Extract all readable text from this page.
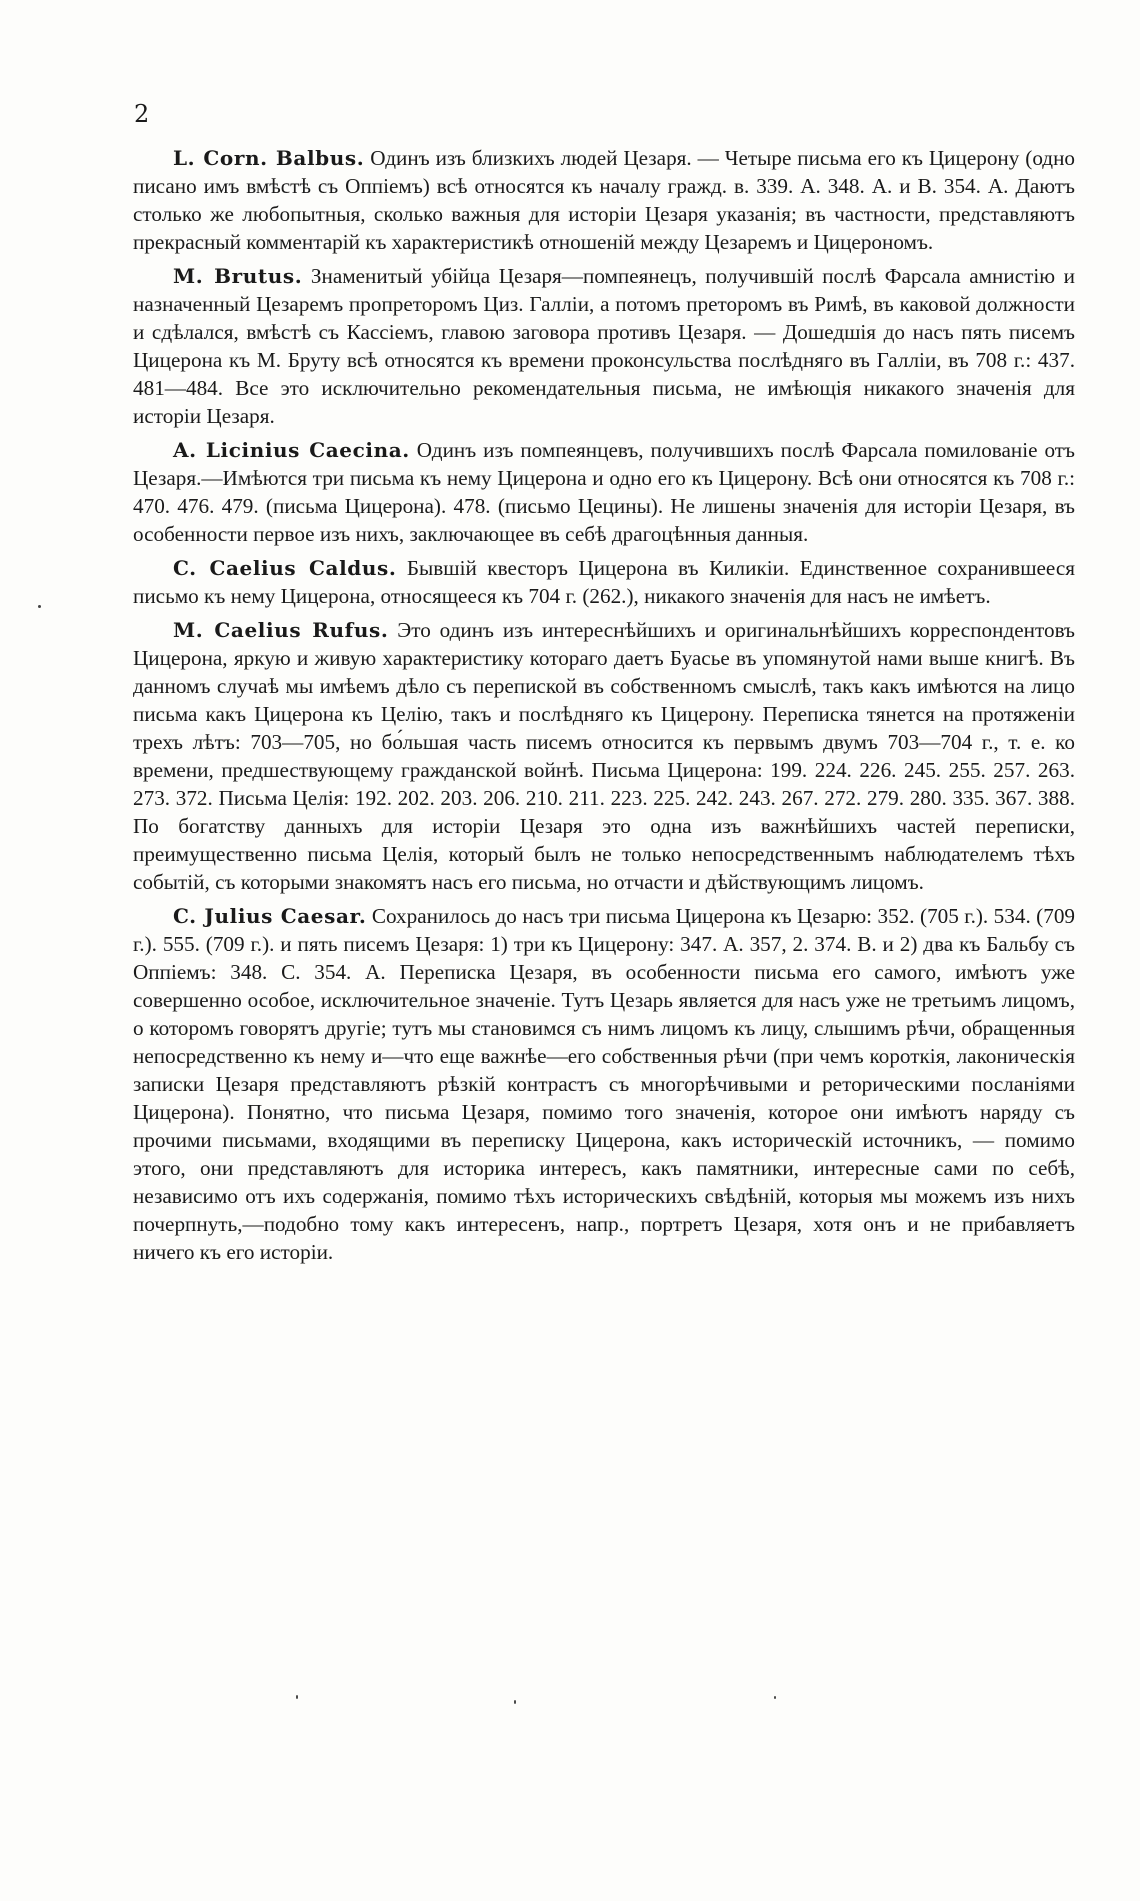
2

L. Corn. Balbus. Одинъ изъ близкихъ людей Цезаря. — Четыре письма его къ Цицерону (одно писано имъ вмѣстѣ съ Оппіемъ) всѣ относятся къ началу гражд. в. 339. А. 348. А. и В. 354. А. Даютъ столько же любопытныя, сколько важныя для исторіи Цезаря указанія; въ частности, представляютъ прекрасный комментарій къ характеристикѣ отношеній между Цезаремъ и Цицерономъ.

M. Brutus. Знаменитый убійца Цезаря—помпеянецъ, получившій послѣ Фарсала амнистію и назначенный Цезаремъ пропреторомъ Циз. Галліи, а потомъ преторомъ въ Римѣ, въ каковой должности и сдѣлался, вмѣстѣ съ Кассіемъ, главою заговора противъ Цезаря. — Дошедшія до насъ пять писемъ Цицерона къ М. Бруту всѣ относятся къ времени проконсульства послѣдняго въ Галліи, въ 708 г.: 437. 481—484. Все это исключительно рекомендательныя письма, не имѣющія никакого значенія для исторіи Цезаря.

A. Licinius Caecina. Одинъ изъ помпеянцевъ, получившихъ послѣ Фарсала помилованіе отъ Цезаря.—Имѣются три письма къ нему Цицерона и одно его къ Цицерону. Всѣ они относятся къ 708 г.: 470. 476. 479. (письма Цицерона). 478. (письмо Цецины). Не лишены значенія для исторіи Цезаря, въ особенности первое изъ нихъ, заключающее въ себѣ драгоцѣнныя данныя.

C. Caelius Caldus. Бывшій квесторъ Цицерона въ Киликіи. Единственное сохранившееся письмо къ нему Цицерона, относящееся къ 704 г. (262.), никакого значенія для насъ не имѣетъ.

M. Caelius Rufus. Это одинъ изъ интереснѣйшихъ и оригинальнѣйшихъ корреспондентовъ Цицерона, яркую и живую характеристику котораго даетъ Буасье въ упомянутой нами выше книгѣ. Въ данномъ случаѣ мы имѣемъ дѣло съ перепиской въ собственномъ смыслѣ, такъ какъ имѣются на лицо письма какъ Цицерона къ Целію, такъ и послѣдняго къ Цицерону. Переписка тянется на протяженіи трехъ лѣтъ: 703—705, но бо́льшая часть писемъ относится къ первымъ двумъ 703—704 г., т. е. ко времени, предшествующему гражданской войнѣ. Письма Цицерона: 199. 224. 226. 245. 255. 257. 263. 273. 372. Письма Целія: 192. 202. 203. 206. 210. 211. 223. 225. 242. 243. 267. 272. 279. 280. 335. 367. 388. По богатству данныхъ для исторіи Цезаря это одна изъ важнѣйшихъ частей переписки, преимущественно письма Целія, который былъ не только непосредственнымъ наблюдателемъ тѣхъ событій, съ которыми знакомятъ насъ его письма, но отчасти и дѣйствующимъ лицомъ.

C. Julius Caesar. Сохранилось до насъ три письма Цицерона къ Цезарю: 352. (705 г.). 534. (709 г.). 555. (709 г.). и пять писемъ Цезаря: 1) три къ Цицерону: 347. А. 357, 2. 374. В. и 2) два къ Бальбу съ Оппіемъ: 348. С. 354. А. Переписка Цезаря, въ особенности письма его самого, имѣютъ уже совершенно особое, исключительное значеніе. Тутъ Цезарь является для насъ уже не третьимъ лицомъ, о которомъ говорятъ другіе; тутъ мы становимся съ нимъ лицомъ къ лицу, слышимъ рѣчи, обращенныя непосредственно къ нему и—что еще важнѣе—его собственныя рѣчи (при чемъ короткія, лаконическія записки Цезаря представляютъ рѣзкій контрастъ съ многорѣчивыми и реторическими посланіями Цицерона). Понятно, что письма Цезаря, помимо того значенія, которое они имѣютъ наряду съ прочими письмами, входящими въ переписку Цицерона, какъ историческій источникъ, — помимо этого, они представляютъ для историка интересъ, какъ памятники, интересные сами по себѣ, независимо отъ ихъ содержанія, помимо тѣхъ историческихъ свѣдѣній, которыя мы можемъ изъ нихъ почерпнуть,—подобно тому какъ интересенъ, напр., портретъ Цезаря, хотя онъ и не прибавляетъ ничего къ его исторіи.
